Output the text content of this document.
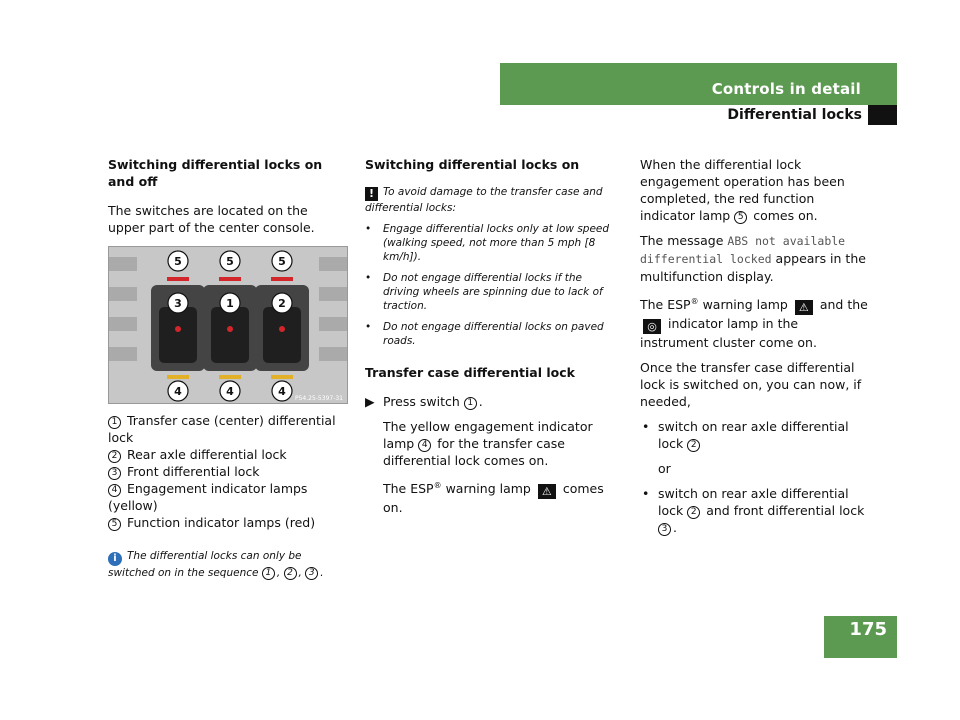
Controls in detail
Differential locks
Switching differential locks on and off
The switches are located on the upper part of the center console.
5	5	5
3	1	2
4	4	4
P54.25-5397-31
1 Transfer case (center) differential lock
2 Rear axle differential lock
3 Front differential lock
4 Engagement indicator lamps (yellow)
5 Function indicator lamps (red)
i The differential locks can only be switched on in the sequence 1 , 2 , 3 .
Switching differential locks on
! To avoid damage to the transfer case and differential locks:
• Engage differential locks only at low speed (walking speed, not more than 5 mph [8 km/h]).
• Do not engage differential locks if the driving wheels are spinning due to lack of traction.
• Do not engage differential locks on paved roads.
Transfer case differential lock
▶ Press switch 1 .
The yellow engagement indicator lamp 4 for the transfer case differential lock comes on.
The ESP® warning lamp ⚠ comes on.
When the differential lock engagement operation has been completed, the red function indicator lamp 5 comes on.
The message ABS not available
differential locked appears in the multifunction display.
The ESP® warning lamp ⚠ and the ◎ indicator lamp in the instrument cluster come on.
Once the transfer case differential lock is switched on, you can now, if needed,
• switch on rear axle differential lock 2
or
• switch on rear axle differential lock 2 and front differential lock 3 .
175
